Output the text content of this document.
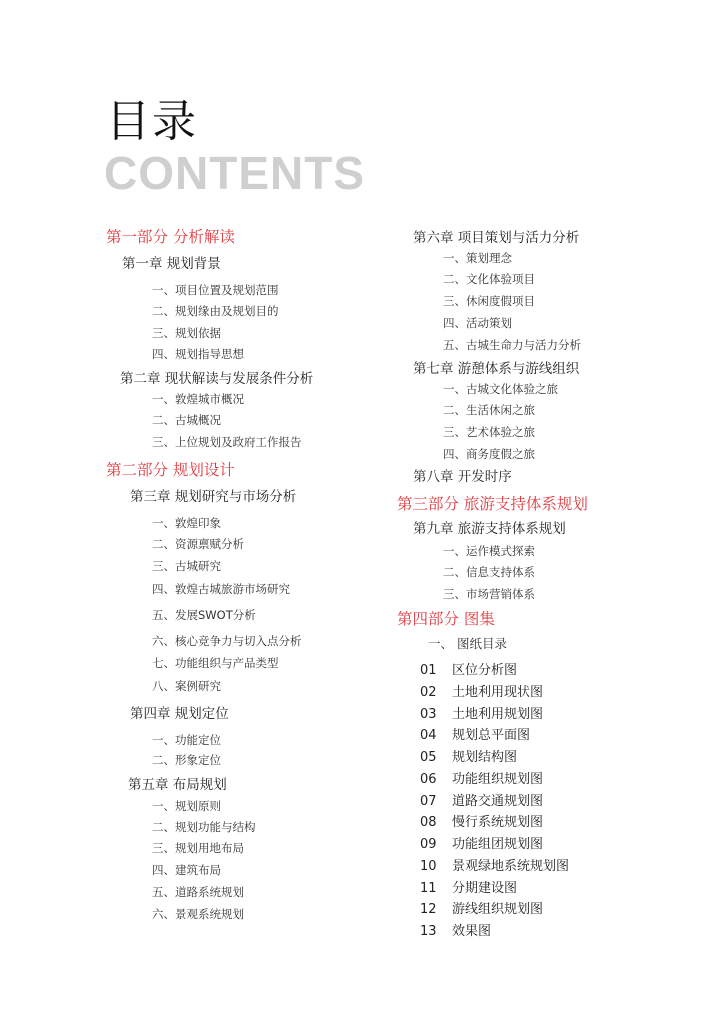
目录
CONTENTS
第一部分 分析解读
第一章 规划背景
一、项目位置及规划范围
二、规划缘由及规划目的
三、规划依据
四、规划指导思想
第二章 现状解读与发展条件分析
一、敦煌城市概况
二、古城概况
三、上位规划及政府工作报告
第二部分 规划设计
第三章 规划研究与市场分析
一、敦煌印象
二、资源禀赋分析
三、古城研究
四、敦煌古城旅游市场研究
五、发展SWOT分析
六、核心竞争力与切入点分析
七、功能组织与产品类型
八、案例研究
第四章 规划定位
一、功能定位
二、形象定位
第五章 布局规划
一、规划原则
二、规划功能与结构
三、规划用地布局
四、建筑布局
五、道路系统规划
六、景观系统规划
第六章 项目策划与活力分析
一、策划理念
二、文化体验项目
三、休闲度假项目
四、活动策划
五、古城生命力与活力分析
第七章 游憩体系与游线组织
一、古城文化体验之旅
二、生活休闲之旅
三、艺术体验之旅
四、商务度假之旅
第八章 开发时序
第三部分 旅游支持体系规划
第九章 旅游支持体系规划
一、运作模式探索
二、信息支持体系
三、市场营销体系
第四部分 图集
一、 图纸目录
01 区位分析图
02 土地利用现状图
03 土地利用规划图
04 规划总平面图
05 规划结构图
06 功能组织规划图
07 道路交通规划图
08 慢行系统规划图
09 功能组团规划图
10 景观绿地系统规划图
11 分期建设图
12 游线组织规划图
13 效果图
